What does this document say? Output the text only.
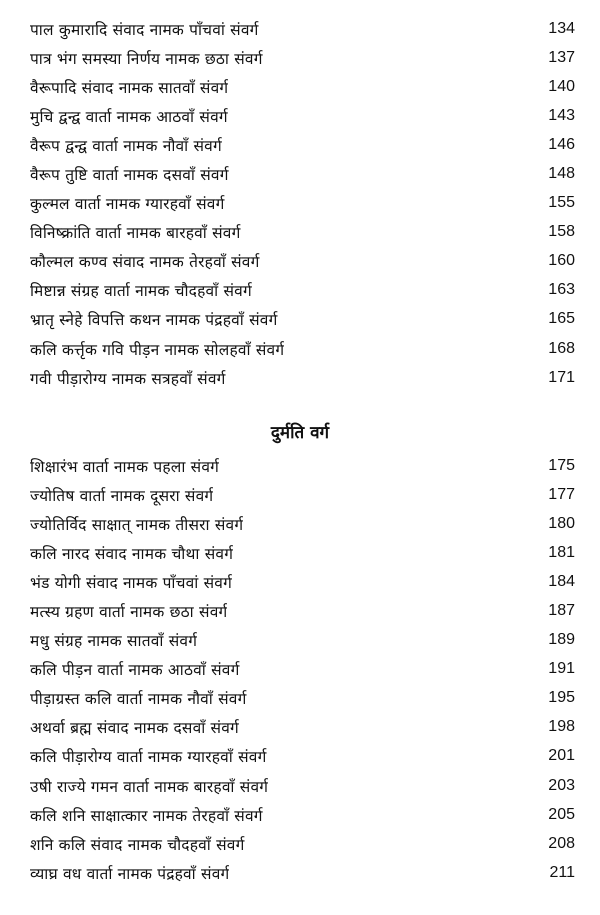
पाल कुमारादि संवाद नामक पाँचवां संवर्ग	134
पात्र भंग समस्या निर्णय नामक छठा संवर्ग	137
वैरूपादि संवाद नामक सातवाँ संवर्ग	140
मुचि द्वन्द्व वार्ता नामक आठवाँ संवर्ग	143
वैरूप द्वन्द्व वार्ता नामक नौवाँ संवर्ग	146
वैरूप तुष्टि वार्ता नामक दसवाँ संवर्ग	148
कुल्मल वार्ता नामक ग्यारहवाँ संवर्ग	155
विनिष्क्रांति वार्ता नामक बारहवाँ संवर्ग	158
कौल्मल कण्व संवाद नामक तेरहवाँ संवर्ग	160
मिष्टान्न संग्रह वार्ता नामक चौदहवाँ संवर्ग	163
भ्रातृ स्नेहे विपत्ति कथन नामक पंद्रहवाँ संवर्ग	165
कलि कर्त्तृक गवि पीड़न नामक सोलहवाँ संवर्ग	168
गवी पीड़ारोग्य नामक सत्रहवाँ संवर्ग	171
दुर्मति वर्ग
शिक्षारंभ वार्ता नामक पहला संवर्ग	175
ज्योतिष वार्ता नामक दूसरा संवर्ग	177
ज्योतिर्विद साक्षात् नामक तीसरा संवर्ग	180
कलि नारद संवाद नामक चौथा संवर्ग	181
भंड योगी संवाद नामक पाँचवां संवर्ग	184
मत्स्य ग्रहण वार्ता नामक छठा संवर्ग	187
मधु संग्रह नामक सातवाँ संवर्ग	189
कलि पीड़न वार्ता नामक आठवाँ संवर्ग	191
पीड़ाग्रस्त कलि वार्ता नामक नौवाँ संवर्ग	195
अथर्वा ब्रह्म संवाद नामक दसवाँ संवर्ग	198
कलि पीड़ारोग्य वार्ता नामक ग्यारहवाँ संवर्ग	201
उषी राज्ये गमन वार्ता नामक बारहवाँ संवर्ग	203
कलि शनि साक्षात्कार नामक तेरहवाँ संवर्ग	205
शनि कलि संवाद नामक चौदहवाँ संवर्ग	208
व्याघ्र वध वार्ता नामक पंद्रहवाँ संवर्ग	211
